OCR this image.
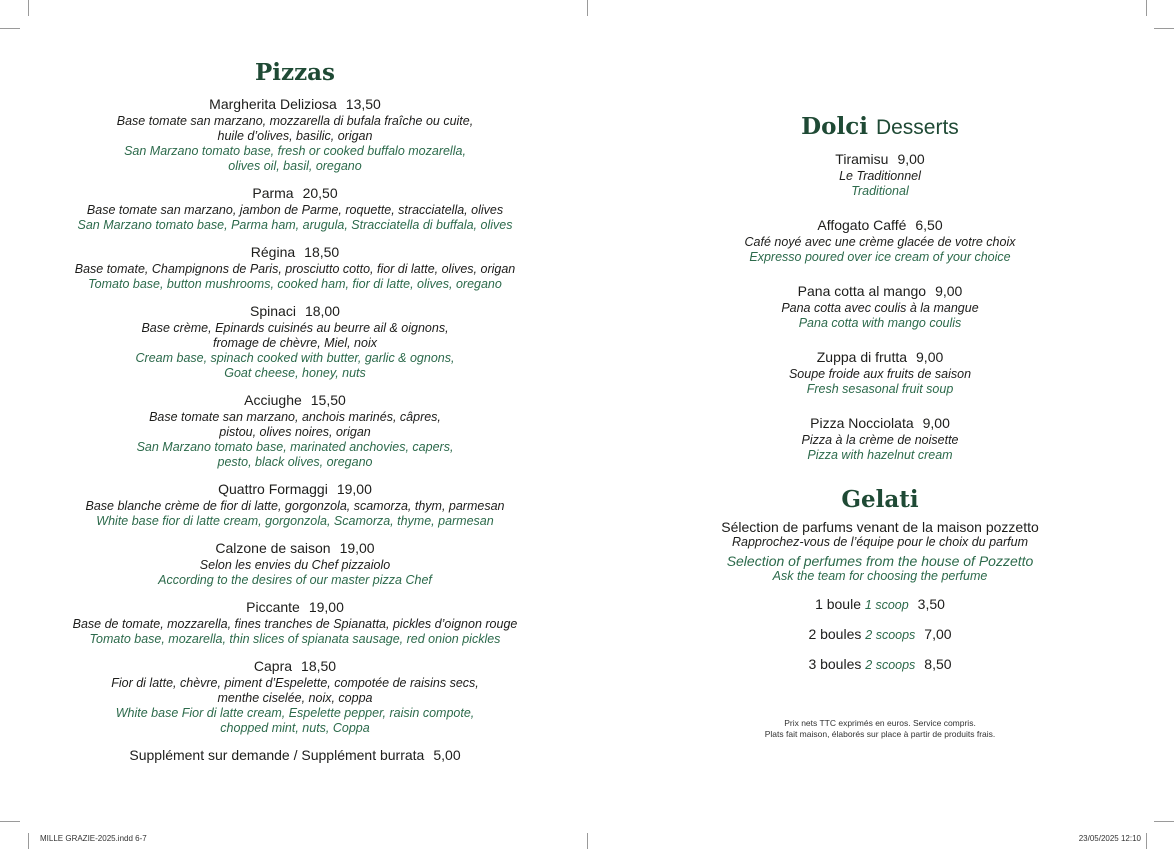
Pizzas
Margherita Deliziosa 13,50
Base tomate san marzano, mozzarella di bufala fraîche ou cuite,
huile d’olives, basilic, origan
San Marzano tomato base, fresh or cooked buffalo mozarella,
olives oil, basil, oregano
Parma 20,50
Base tomate san marzano, jambon de Parme, roquette, stracciatella, olives
San Marzano tomato base, Parma ham, arugula, Stracciatella di buffala, olives
Régina 18,50
Base tomate, Champignons de Paris, prosciutto cotto, fior di latte, olives, origan
Tomato base, button mushrooms, cooked ham, fior di latte, olives, oregano
Spinaci 18,00
Base crème, Epinards cuisinés au beurre ail & oignons,
fromage de chèvre, Miel, noix
Cream base, spinach cooked with butter, garlic & ognons,
Goat cheese, honey, nuts
Acciughe 15,50
Base tomate san marzano, anchois marinés, câpres,
pistou, olives noires, origan
San Marzano tomato base, marinated anchovies, capers,
pesto, black olives, oregano
Quattro Formaggi 19,00
Base blanche crème de fior di latte, gorgonzola, scamorza, thym, parmesan
White base fior di latte cream, gorgonzola, Scamorza, thyme, parmesan
Calzone de saison 19,00
Selon les envies du Chef pizzaiolo
According to the desires of our master pizza Chef
Piccante 19,00
Base de tomate, mozzarella, fines tranches de Spianatta, pickles d’oignon rouge
Tomato base, mozarella, thin slices of spianata sausage, red onion pickles
Capra 18,50
Fior di latte, chèvre, piment d’Espelette, compotée de raisins secs,
menthe ciselée, noix, coppa
White base Fior di latte cream, Espelette pepper, raisin compote,
chopped mint, nuts, Coppa
Supplément sur demande / Supplément burrata 5,00
Dolci Desserts
Tiramisu 9,00
Le Traditionnel
Traditional
Affogato Caffé 6,50
Café noyé avec une crème glacée de votre choix
Expresso poured over ice cream of your choice
Pana cotta al mango 9,00
Pana cotta avec coulis à la mangue
Pana cotta with mango coulis
Zuppa di frutta 9,00
Soupe froide aux fruits de saison
Fresh sesasonal fruit soup
Pizza Nocciolata 9,00
Pizza à la crème de noisette
Pizza with hazelnut cream
Gelati
Sélection de parfums venant de la maison pozzetto
Rapprochez-vous de l’équipe pour le choix du parfum
Selection of perfumes from the house of Pozzetto
Ask the team for choosing the perfume
1 boule 1 scoop 3,50
2 boules 2 scoops 7,00
3 boules 2 scoops 8,50
Prix nets TTC exprimés en euros. Service compris.
Plats fait maison, élaborés sur place à partir de produits frais.
MILLE GRAZIE-2025.indd 6-7	23/05/2025 12:10
